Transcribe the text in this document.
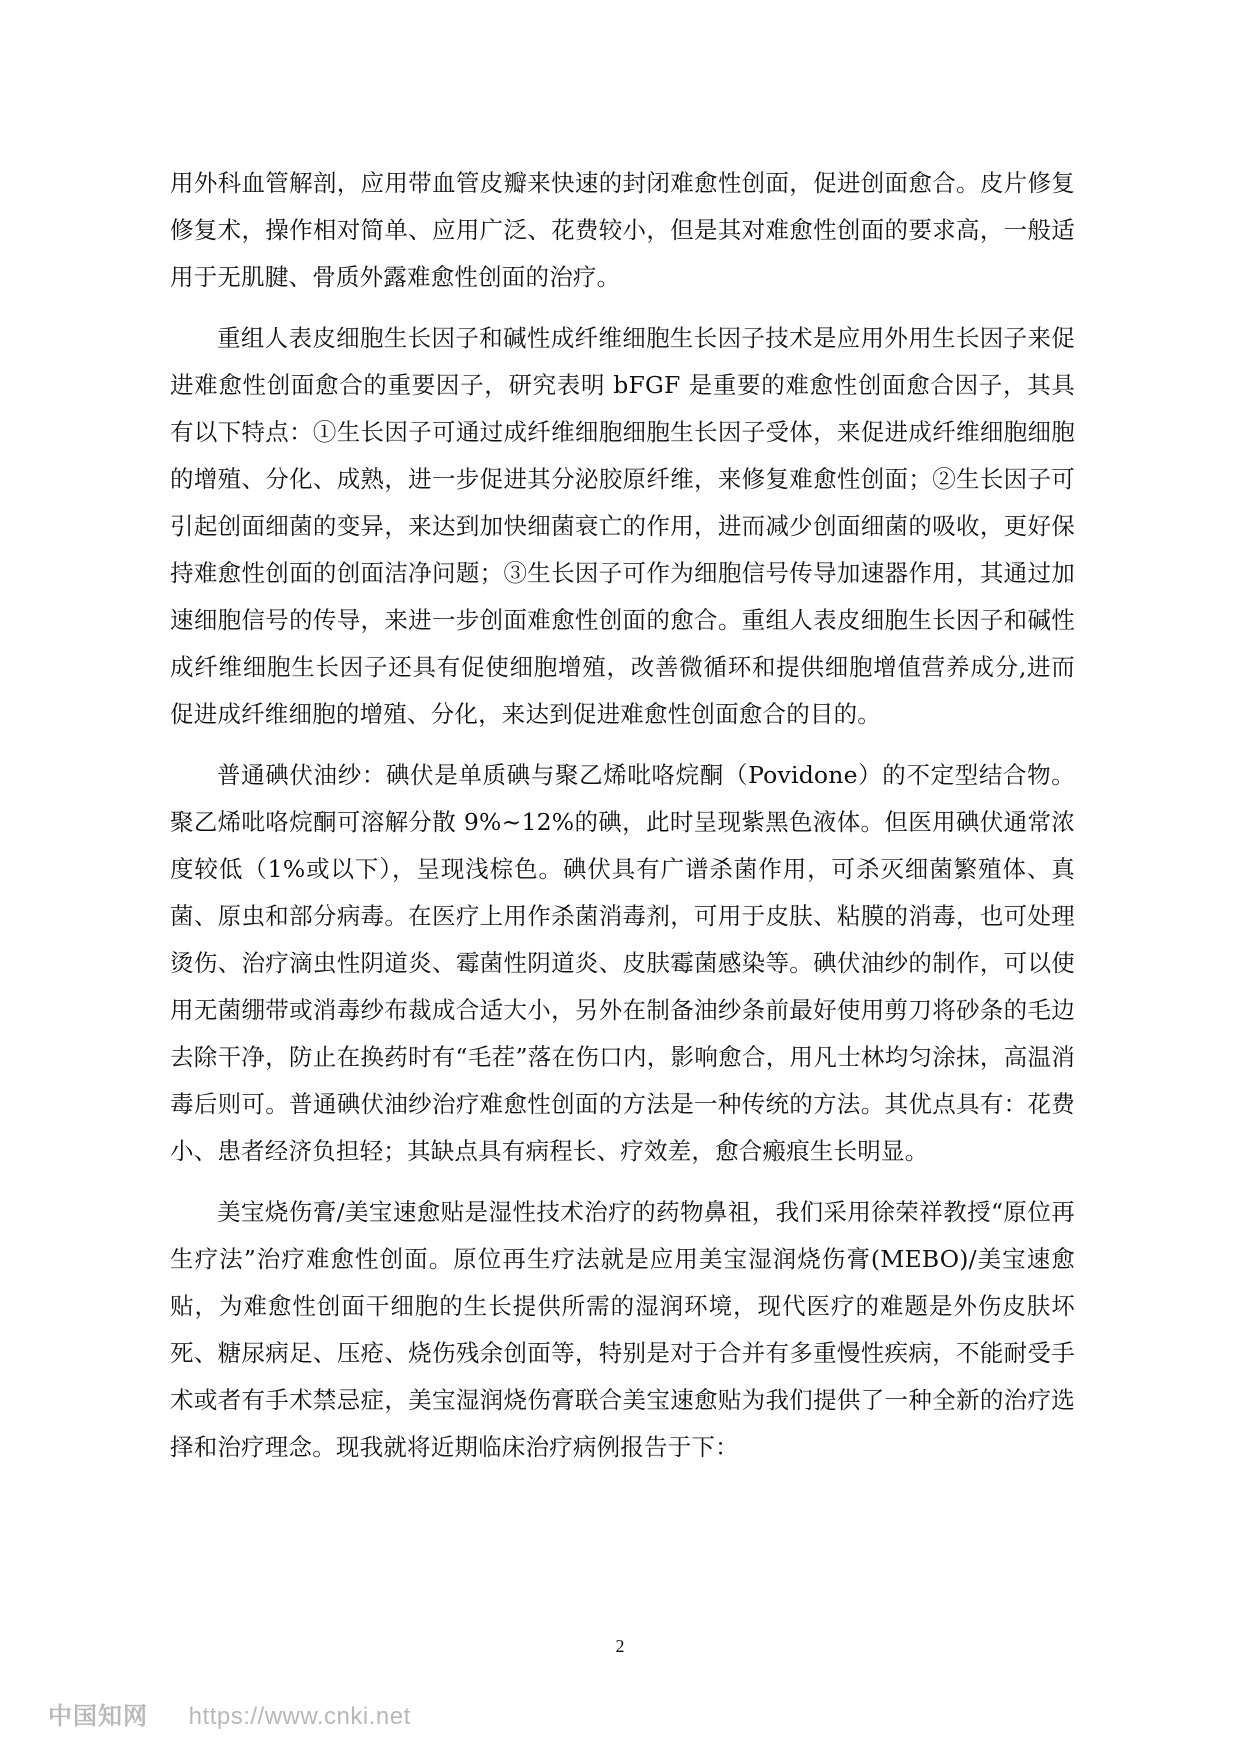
用外科血管解剖，应用带血管皮瓣来快速的封闭难愈性创面，促进创面愈合。皮片修复修复术，操作相对简单、应用广泛、花费较小，但是其对难愈性创面的要求高，一般适用于无肌腱、骨质外露难愈性创面的治疗。

重组人表皮细胞生长因子和碱性成纤维细胞生长因子技术是应用外用生长因子来促进难愈性创面愈合的重要因子，研究表明 bFGF 是重要的难愈性创面愈合因子，其具有以下特点：①生长因子可通过成纤维细胞细胞生长因子受体，来促进成纤维细胞细胞的增殖、分化、成熟，进一步促进其分泌胶原纤维，来修复难愈性创面；②生长因子可引起创面细菌的变异，来达到加快细菌衰亡的作用，进而减少创面细菌的吸收，更好保持难愈性创面的创面洁净问题；③生长因子可作为细胞信号传导加速器作用，其通过加速细胞信号的传导，来进一步创面难愈性创面的愈合。重组人表皮细胞生长因子和碱性成纤维细胞生长因子还具有促使细胞增殖，改善微循环和提供细胞增值营养成分,进而促进成纤维细胞的增殖、分化，来达到促进难愈性创面愈合的目的。

普通碘伏油纱：碘伏是单质碘与聚乙烯吡咯烷酮（Povidone）的不定型结合物。聚乙烯吡咯烷酮可溶解分散 9%~12%的碘，此时呈现紫黑色液体。但医用碘伏通常浓度较低（1%或以下），呈现浅棕色。碘伏具有广谱杀菌作用，可杀灭细菌繁殖体、真菌、原虫和部分病毒。在医疗上用作杀菌消毒剂，可用于皮肤、粘膜的消毒，也可处理烫伤、治疗滴虫性阴道炎、霉菌性阴道炎、皮肤霉菌感染等。碘伏油纱的制作，可以使用无菌绷带或消毒纱布裁成合适大小，另外在制备油纱条前最好使用剪刀将砂条的毛边去除干净，防止在换药时有“毛茬”落在伤口内，影响愈合，用凡士林均匀涂抹，高温消毒后则可。普通碘伏油纱治疗难愈性创面的方法是一种传统的方法。其优点具有：花费小、患者经济负担轻；其缺点具有病程长、疗效差，愈合瘢痕生长明显。

美宝烧伤膏/美宝速愈贴是湿性技术治疗的药物鼻祖，我们采用徐荣祥教授“原位再生疗法”治疗难愈性创面。原位再生疗法就是应用美宝湿润烧伤膏(MEBO)/美宝速愈贴，为难愈性创面干细胞的生长提供所需的湿润环境，现代医疗的难题是外伤皮肤坏死、糖尿病足、压疮、烧伤残余创面等，特别是对于合并有多重慢性疾病，不能耐受手术或者有手术禁忌症，美宝湿润烧伤膏联合美宝速愈贴为我们提供了一种全新的治疗选择和治疗理念。现我就将近期临床治疗病例报告于下：

2
中国知网 https://www.cnki.net
